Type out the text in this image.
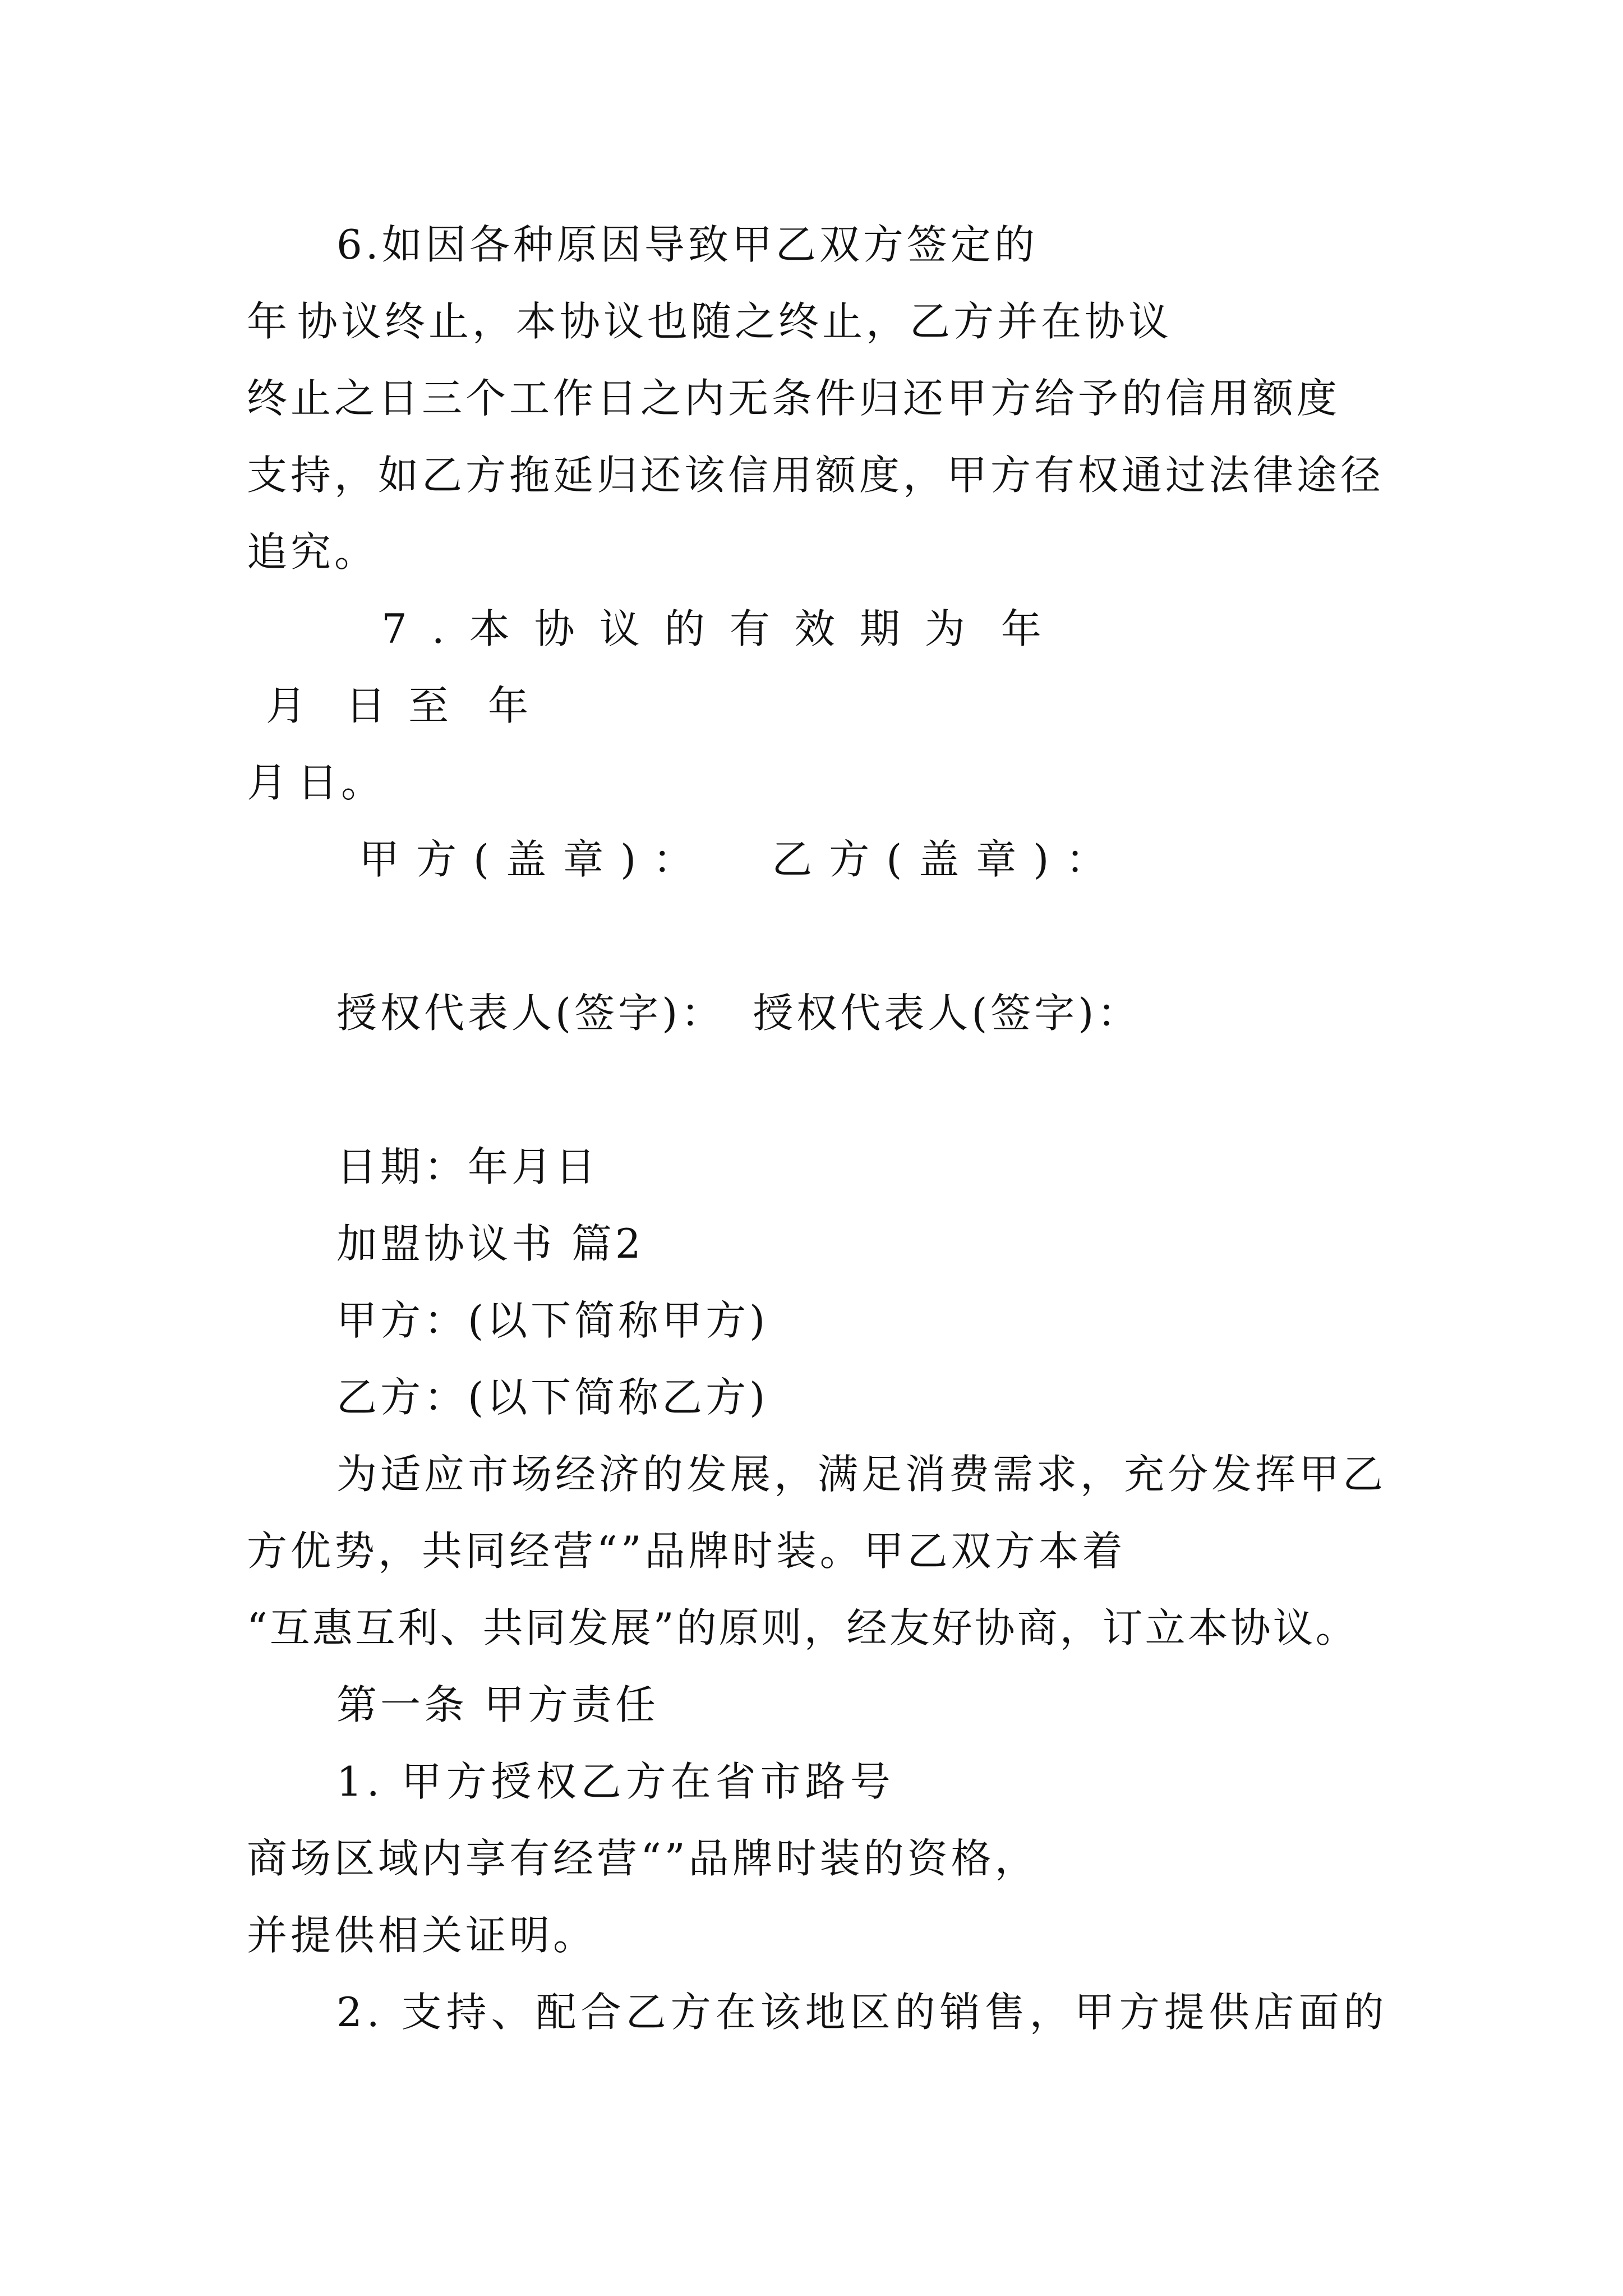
6.如因各种原因导致甲乙双方签定的
年 协议终止，本协议也随之终止，乙方并在协议
终止之日三个工作日之内无条件归还甲方给予的信用额度
支持，如乙方拖延归还该信用额度，甲方有权通过法律途径
追究。
7.本协议的有效期为 年
月 日至 年
月 日。
甲方(盖章)： 乙方(盖章)：
授权代表人(签字)： 授权代表人(签字)：
日期：年月日
加盟协议书 篇2
甲方：(以下简称甲方)
乙方：(以下简称乙方)
为适应市场经济的发展，满足消费需求，充分发挥甲乙
方优势，共同经营“”品牌时装。甲乙双方本着
“互惠互利、共同发展”的原则，经友好协商，订立本协议。
第一条 甲方责任
1. 甲方授权乙方在省市路号
商场区域内享有经营“”品牌时装的资格，
并提供相关证明。
2. 支持、配合乙方在该地区的销售，甲方提供店面的
